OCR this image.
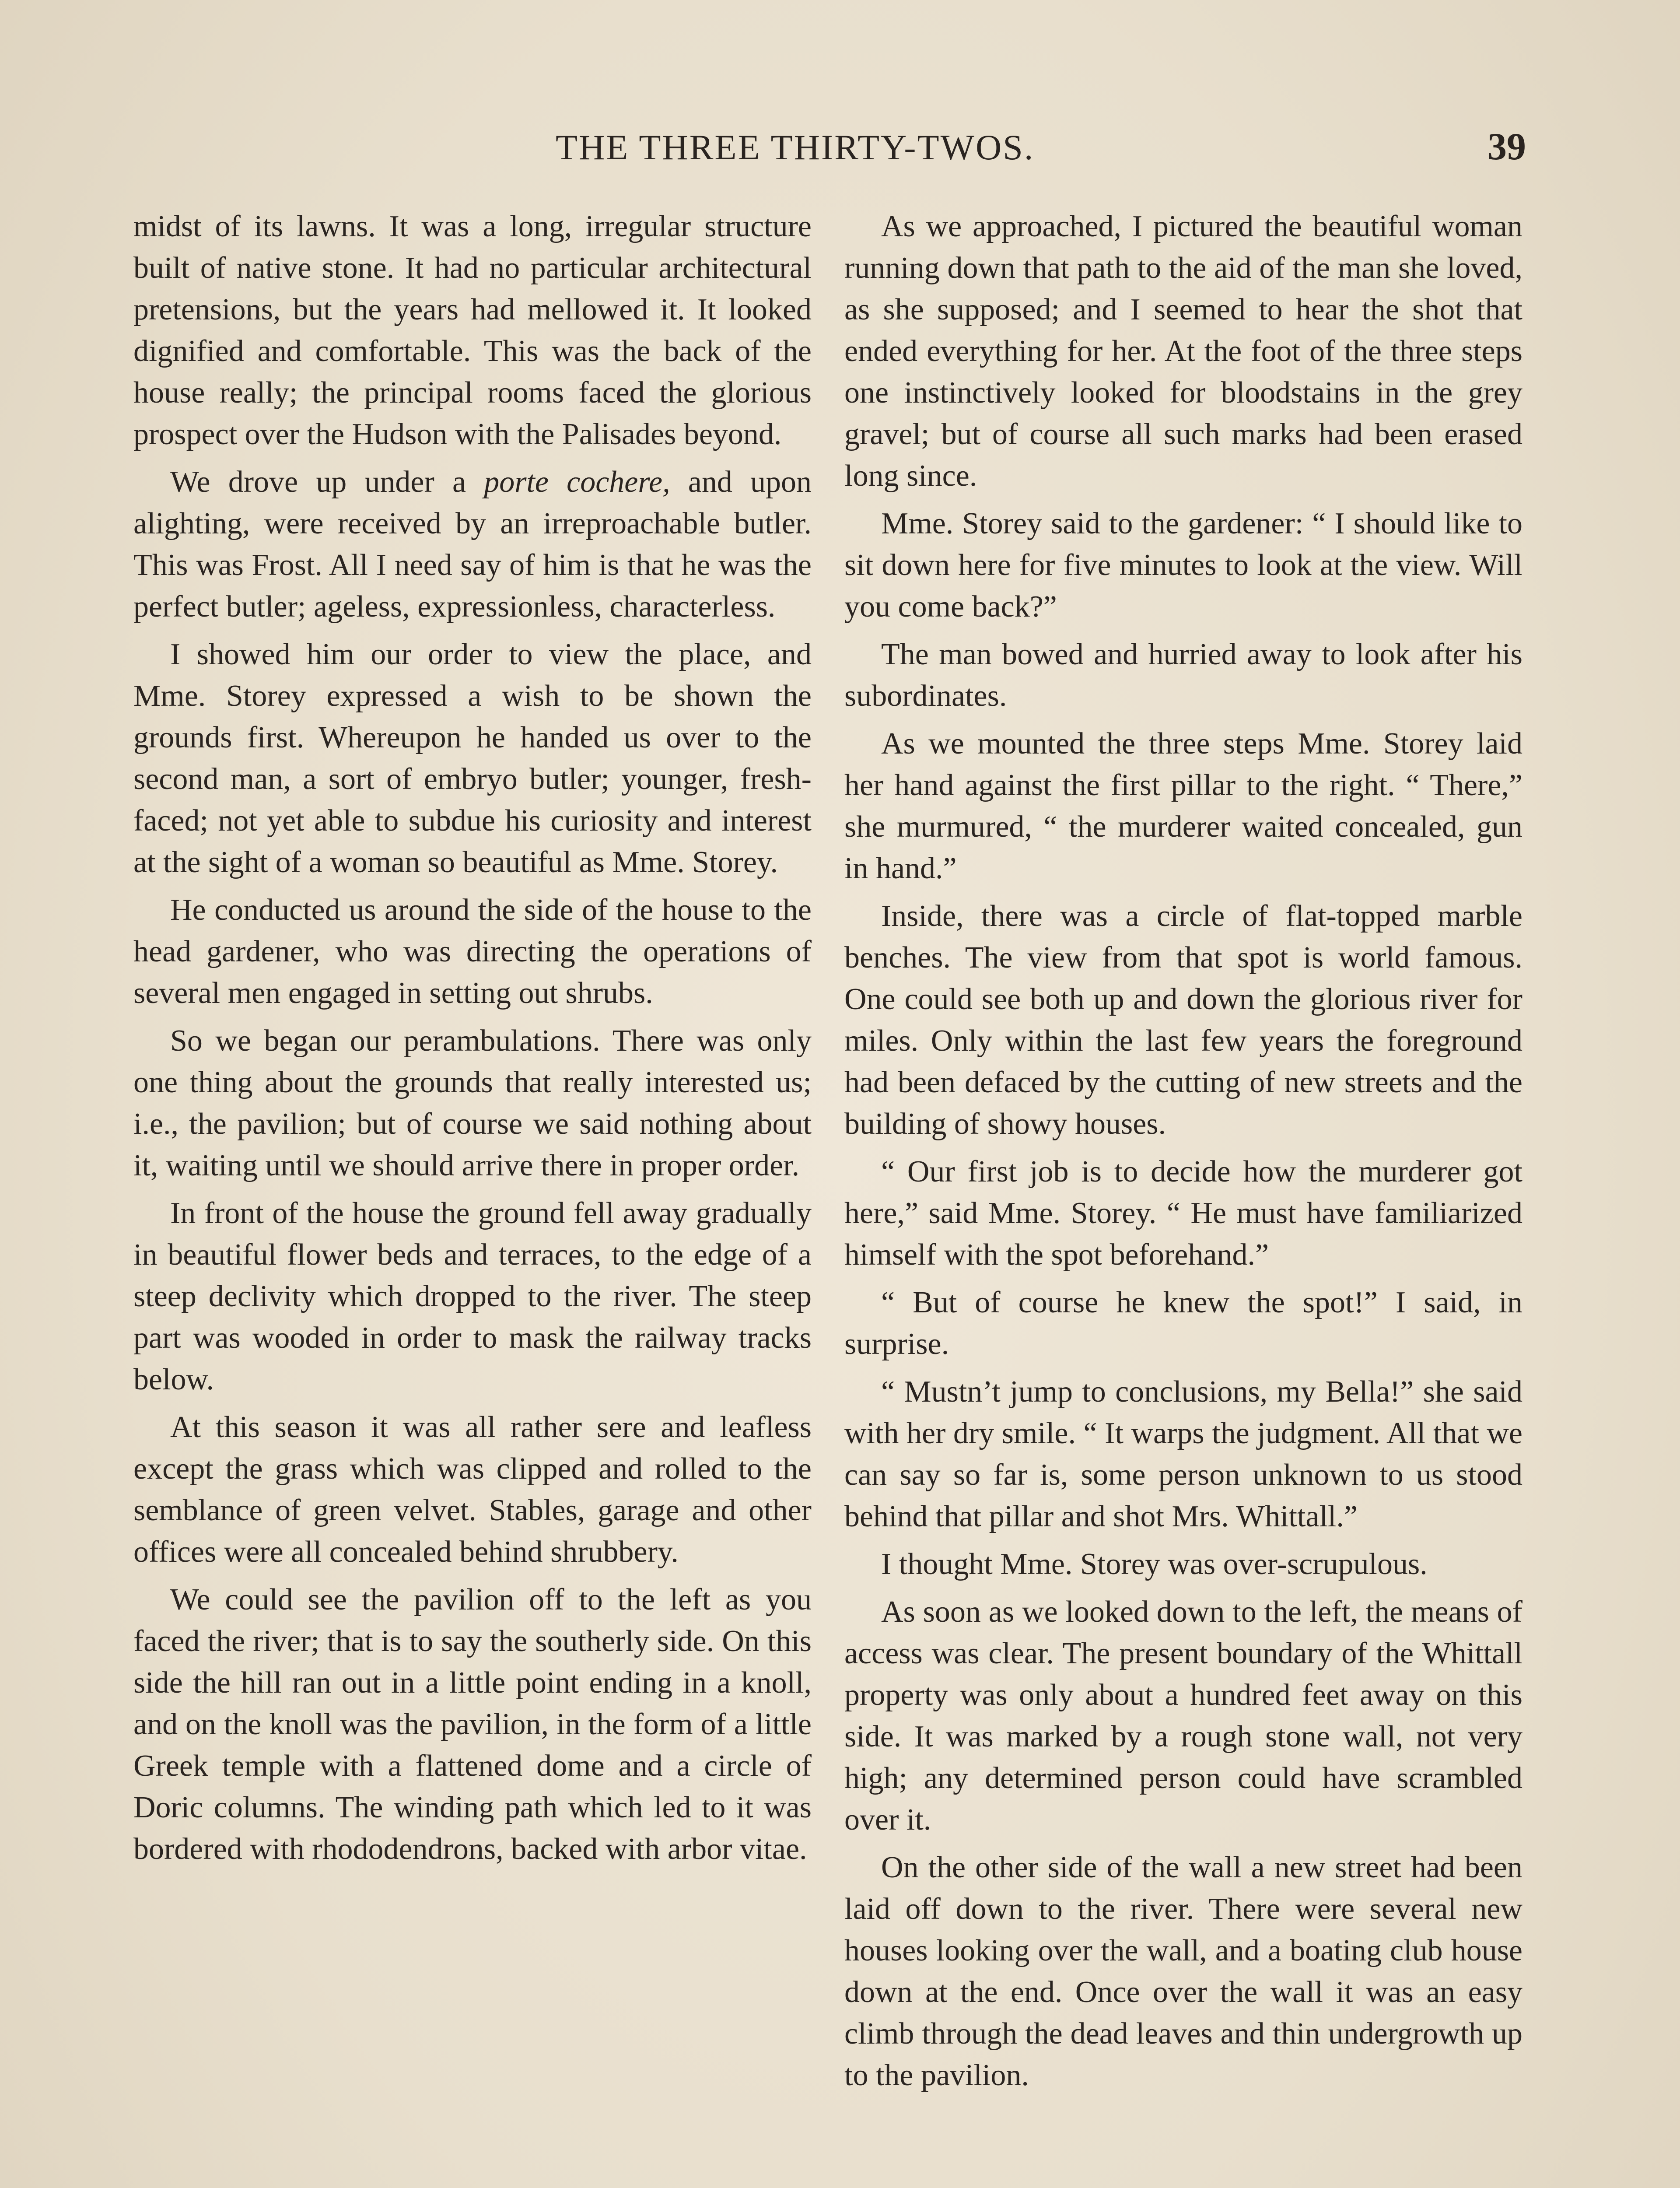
THE THREE THIRTY-TWOS.	39

midst of its lawns. It was a long, irregular structure built of native stone. It had no particular architectural pretensions, but the years had mellowed it. It looked dignified and comfortable. This was the back of the house really; the principal rooms faced the glorious prospect over the Hudson with the Palisades beyond.

We drove up under a porte cochere, and upon alighting, were received by an irreproachable butler. This was Frost. All I need say of him is that he was the perfect butler; ageless, expressionless, characterless.

I showed him our order to view the place, and Mme. Storey expressed a wish to be shown the grounds first. Whereupon he handed us over to the second man, a sort of embryo butler; younger, fresh-faced; not yet able to subdue his curiosity and interest at the sight of a woman so beautiful as Mme. Storey.

He conducted us around the side of the house to the head gardener, who was directing the operations of several men engaged in setting out shrubs.

So we began our perambulations. There was only one thing about the grounds that really interested us; i.e., the pavilion; but of course we said nothing about it, waiting until we should arrive there in proper order.

In front of the house the ground fell away gradually in beautiful flower beds and terraces, to the edge of a steep declivity which dropped to the river. The steep part was wooded in order to mask the railway tracks below.

At this season it was all rather sere and leafless except the grass which was clipped and rolled to the semblance of green velvet. Stables, garage and other offices were all concealed behind shrubbery.

We could see the pavilion off to the left as you faced the river; that is to say the southerly side. On this side the hill ran out in a little point ending in a knoll, and on the knoll was the pavilion, in the form of a little Greek temple with a flattened dome and a circle of Doric columns. The winding path which led to it was bordered with rhododendrons, backed with arbor vitae.

As we approached, I pictured the beautiful woman running down that path to the aid of the man she loved, as she supposed; and I seemed to hear the shot that ended everything for her. At the foot of the three steps one instinctively looked for bloodstains in the grey gravel; but of course all such marks had been erased long since.

Mme. Storey said to the gardener: “ I should like to sit down here for five minutes to look at the view. Will you come back?”

The man bowed and hurried away to look after his subordinates.

As we mounted the three steps Mme. Storey laid her hand against the first pillar to the right. “ There,” she murmured, “ the murderer waited concealed, gun in hand.”

Inside, there was a circle of flat-topped marble benches. The view from that spot is world famous. One could see both up and down the glorious river for miles. Only within the last few years the foreground had been defaced by the cutting of new streets and the building of showy houses.

“ Our first job is to decide how the murderer got here,” said Mme. Storey. “ He must have familiarized himself with the spot beforehand.”

“ But of course he knew the spot!” I said, in surprise.

“ Mustn’t jump to conclusions, my Bella!” she said with her dry smile. “ It warps the judgment. All that we can say so far is, some person unknown to us stood behind that pillar and shot Mrs. Whittall.”

I thought Mme. Storey was over-scrupulous.

As soon as we looked down to the left, the means of access was clear. The present boundary of the Whittall property was only about a hundred feet away on this side. It was marked by a rough stone wall, not very high; any determined person could have scrambled over it.

On the other side of the wall a new street had been laid off down to the river. There were several new houses looking over the wall, and a boating club house down at the end. Once over the wall it was an easy climb through the dead leaves and thin undergrowth up to the pavilion.
